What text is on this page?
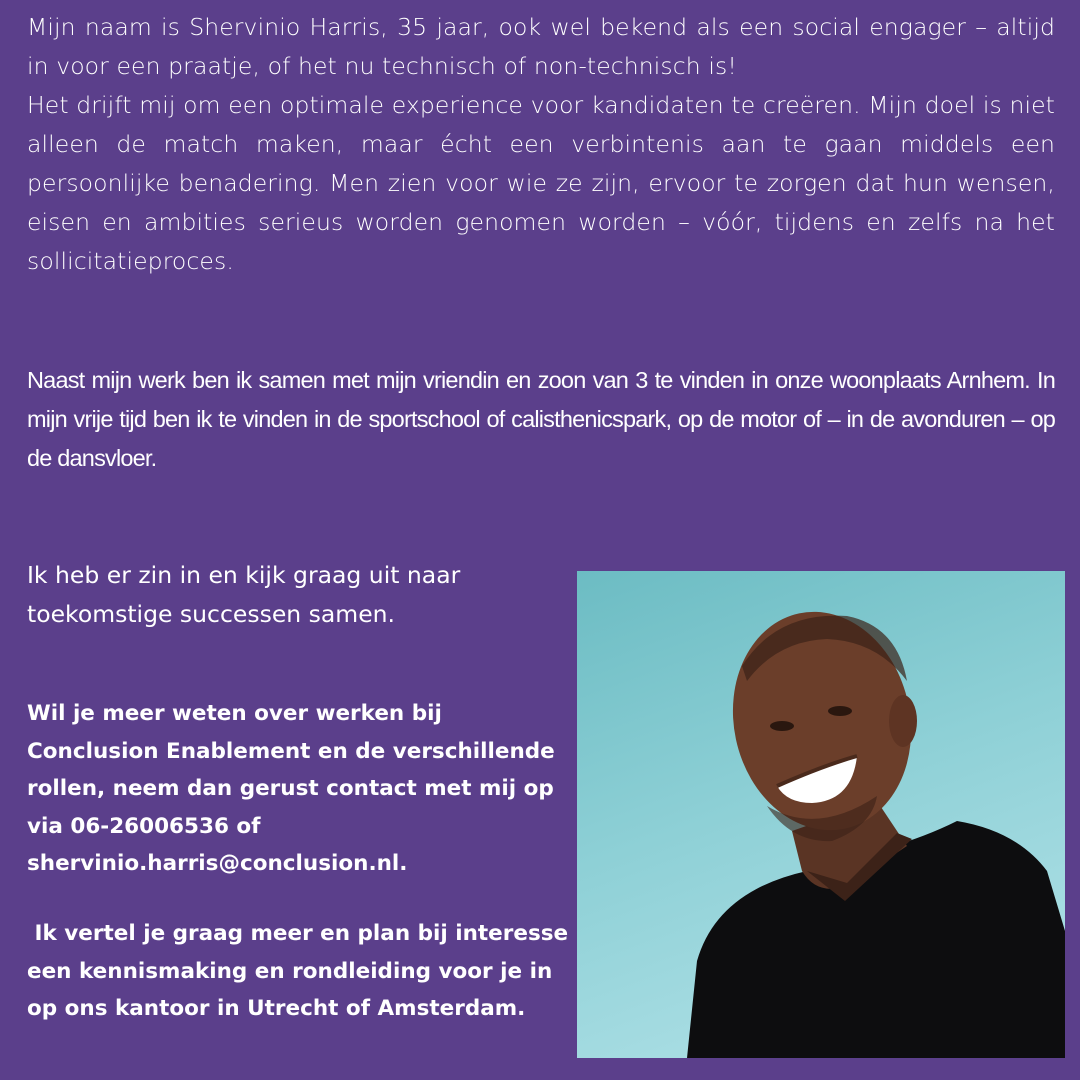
Mijn naam is Shervinio Harris, 35 jaar, ook wel bekend als een social engager – altijd in voor een praatje, of het nu technisch of non-technisch is!

Het drijft mij om een optimale experience voor kandidaten te creëren. Mijn doel is niet alleen de match maken, maar écht een verbintenis aan te gaan middels een persoonlijke benadering. Men zien voor wie ze zijn, ervoor te zorgen dat hun wensen, eisen en ambities serieus worden genomen worden – vóór, tijdens en zelfs na het sollicitatieproces.

Naast mijn werk ben ik samen met mijn vriendin en zoon van 3 te vinden in onze woonplaats Arnhem. In mijn vrije tijd ben ik te vinden in de sportschool of calisthenicspark, op de motor of – in de avonduren – op de dansvloer.

Ik heb er zin in en kijk graag uit naar toekomstige successen samen.

Wil je meer weten over werken bij Conclusion Enablement en de verschillende rollen, neem dan gerust contact met mij op via 06-26006536 of shervinio.harris@conclusion.nl.

Ik vertel je graag meer en plan bij interesse een kennismaking en rondleiding voor je in op ons kantoor in Utrecht of Amsterdam.
